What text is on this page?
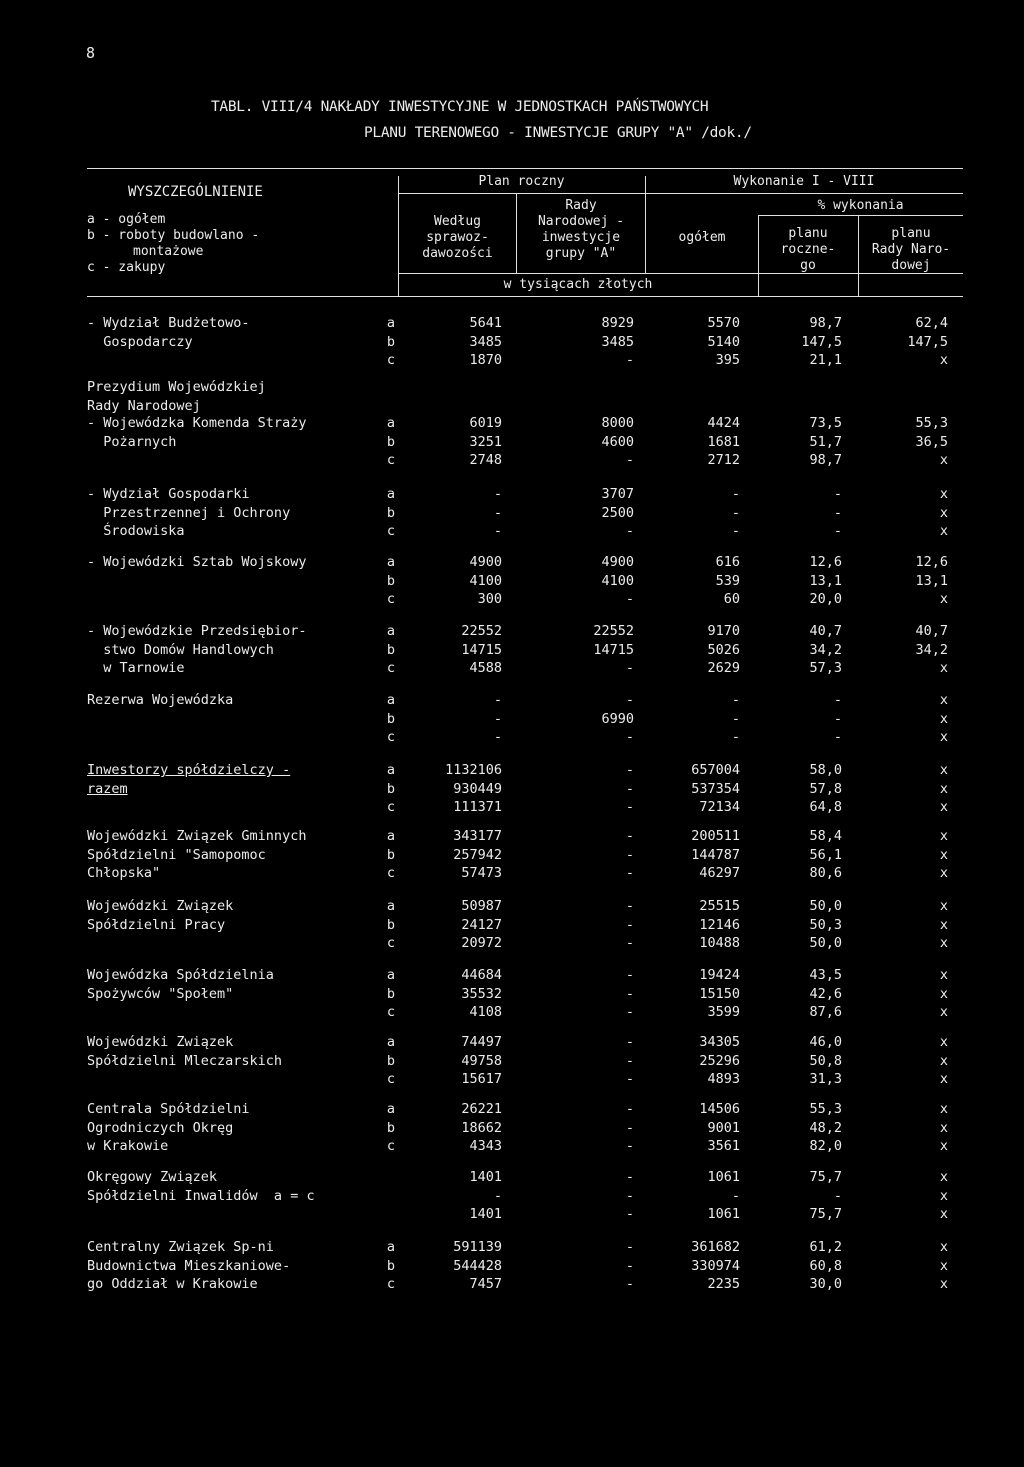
8
TABL. VIII/4 NAKŁADY INWESTYCYJNE W JEDNOSTKACH PAŃSTWOWYCH
PLANU TERENOWEGO - INWESTYCJE GRUPY "A" /dok./
WYSZCZEGÓLNIENIE
a - ogółem
b - roboty budowlano -
montażowe
c - zakupy
Plan roczny
Według
sprawoz-
dawozości
Rady
Narodowej -
inwestycje
grupy "A"
Wykonanie I - VIII
ogółem
% wykonania
planu
roczne-
go
planu
Rady Naro-
dowej
w tysiącach złotych
- Wydział Budżetowo-
Gospodarczy
a
b
c
5641
3485
1870
8929
3485
-
5570
5140
395
98,7
147,5
21,1
62,4
147,5
x
Prezydium Wojewódzkiej
Rady Narodowej
- Wojewódzka Komenda Straży
Pożarnych
a
b
c
6019
3251
2748
8000
4600
-
4424
1681
2712
73,5
51,7
98,7
55,3
36,5
x
- Wydział Gospodarki
Przestrzennej i Ochrony
Środowiska
a
b
c
-
-
-
3707
2500
-
-
-
-
-
-
-
x
x
x
- Wojewódzki Sztab Wojskowy	a
b
c
4900
4100
300
4900
4100
-
616
539
60
12,6
13,1
20,0
12,6
13,1
x
- Wojewódzkie Przedsiębior-
stwo Domów Handlowych
w Tarnowie
a
b
c
22552
14715
4588
22552
14715
-
9170
5026
2629
40,7
34,2
57,3
40,7
34,2
x
Rezerwa Wojewódzka	a
b
c
-
-
-
-
6990
-
-
-
-
-
-
-
x
x
x
Inwestorzy spółdzielczy -
razem
a
b
c
1132106
930449
111371
-
-
-
657004
537354
72134
58,0
57,8
64,8
x
x
x
Wojewódzki Związek Gminnych
Spółdzielni "Samopomoc
Chłopska"
a
b
c
343177
257942
57473
-
-
-
200511
144787
46297
58,4
56,1
80,6
x
x
x
Wojewódzki Związek
Spółdzielni Pracy
a
b
c
50987
24127
20972
-
-
-
25515
12146
10488
50,0
50,3
50,0
x
x
x
Wojewódzka Spółdzielnia
Spożywców "Społem"
a
b
c
44684
35532
4108
-
-
-
19424
15150
3599
43,5
42,6
87,6
x
x
x
Wojewódzki Związek
Spółdzielni Mleczarskich
a
b
c
74497
49758
15617
-
-
-
34305
25296
4893
46,0
50,8
31,3
x
x
x
Centrala Spółdzielni
Ogrodniczych Okręg
w Krakowie
a
b
c
26221
18662
4343
-
-
-
14506
9001
3561
55,3
48,2
82,0
x
x
x
Okręgowy Związek
Spółdzielni Inwalidów  a = c
1401
-
1401
-
-
-
1061
-
1061
75,7
-
75,7
x
x
x
Centralny Związek Sp-ni
Budownictwa Mieszkaniowe-
go Oddział w Krakowie
a
b
c
591139
544428
7457
-
-
-
361682
330974
2235
61,2
60,8
30,0
x
x
x
